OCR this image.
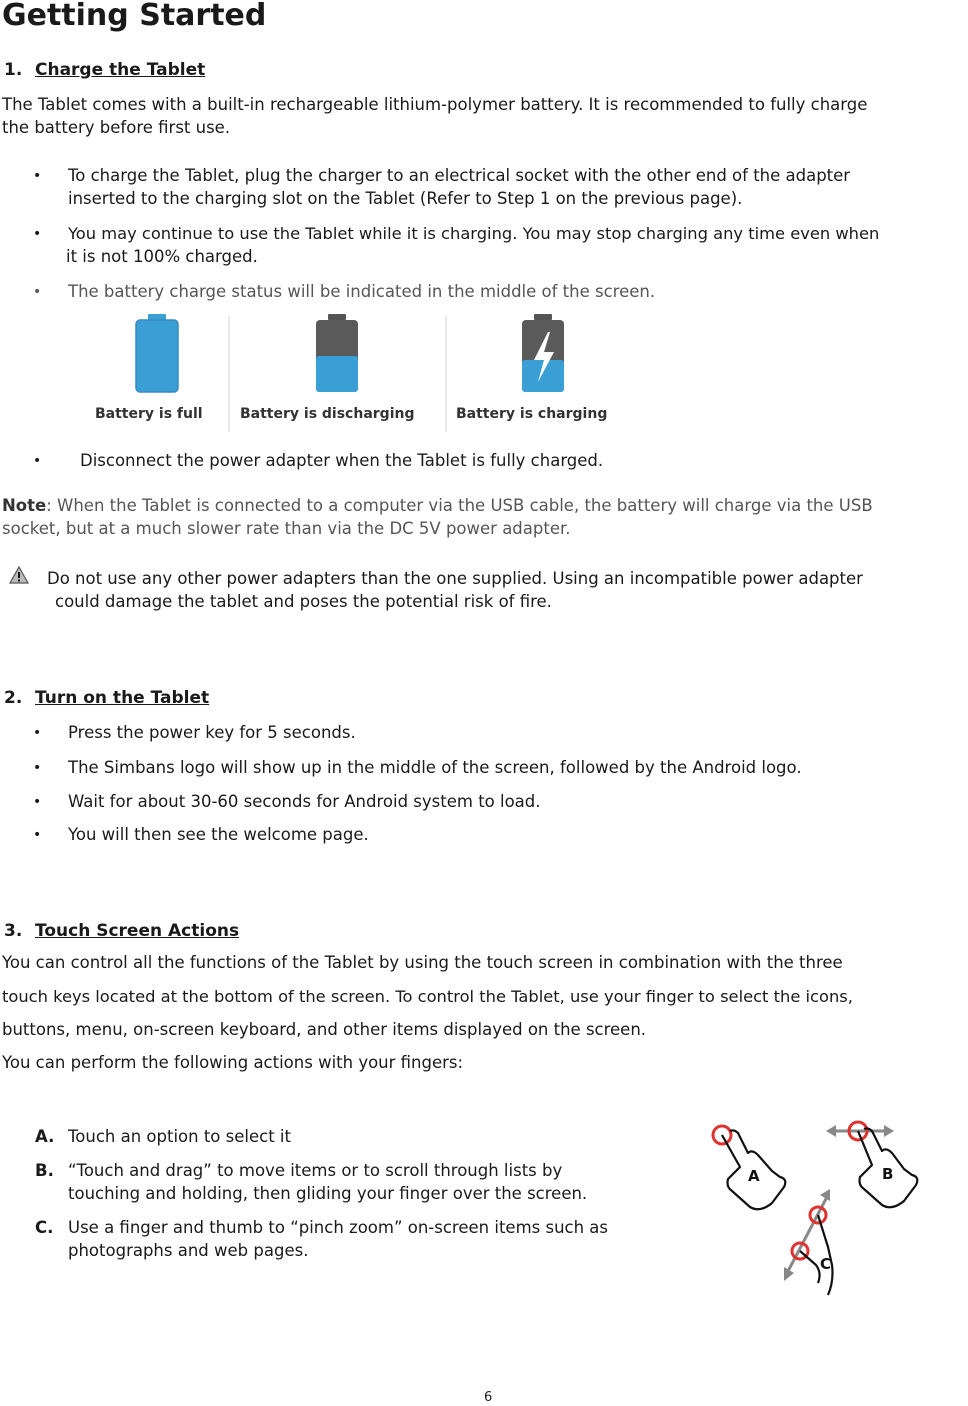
Getting Started
1. Charge the Tablet
The Tablet comes with a built-in rechargeable lithium-polymer battery. It is recommended to fully charge
the battery before first use.
• To charge the Tablet, plug the charger to an electrical socket with the other end of the adapter
inserted to the charging slot on the Tablet (Refer to Step 1 on the previous page).
• You may continue to use the Tablet while it is charging. You may stop charging any time even when
it is not 100% charged.
• The battery charge status will be indicated in the middle of the screen.
Battery is full	Battery is discharging	Battery is charging
• Disconnect the power adapter when the Tablet is fully charged.
Note: When the Tablet is connected to a computer via the USB cable, the battery will charge via the USB
socket, but at a much slower rate than via the DC 5V power adapter.
Do not use any other power adapters than the one supplied. Using an incompatible power adapter
could damage the tablet and poses the potential risk of fire.
2. Turn on the Tablet
• Press the power key for 5 seconds.
• The Simbans logo will show up in the middle of the screen, followed by the Android logo.
• Wait for about 30-60 seconds for Android system to load.
• You will then see the welcome page.
3. Touch Screen Actions
You can control all the functions of the Tablet by using the touch screen in combination with the three
touch keys located at the bottom of the screen. To control the Tablet, use your finger to select the icons,
buttons, menu, on-screen keyboard, and other items displayed on the screen.
You can perform the following actions with your fingers:
A. Touch an option to select it
B. “Touch and drag” to move items or to scroll through lists by
touching and holding, then gliding your finger over the screen.
C. Use a finger and thumb to “pinch zoom” on-screen items such as
photographs and web pages.
A	B
C
6
